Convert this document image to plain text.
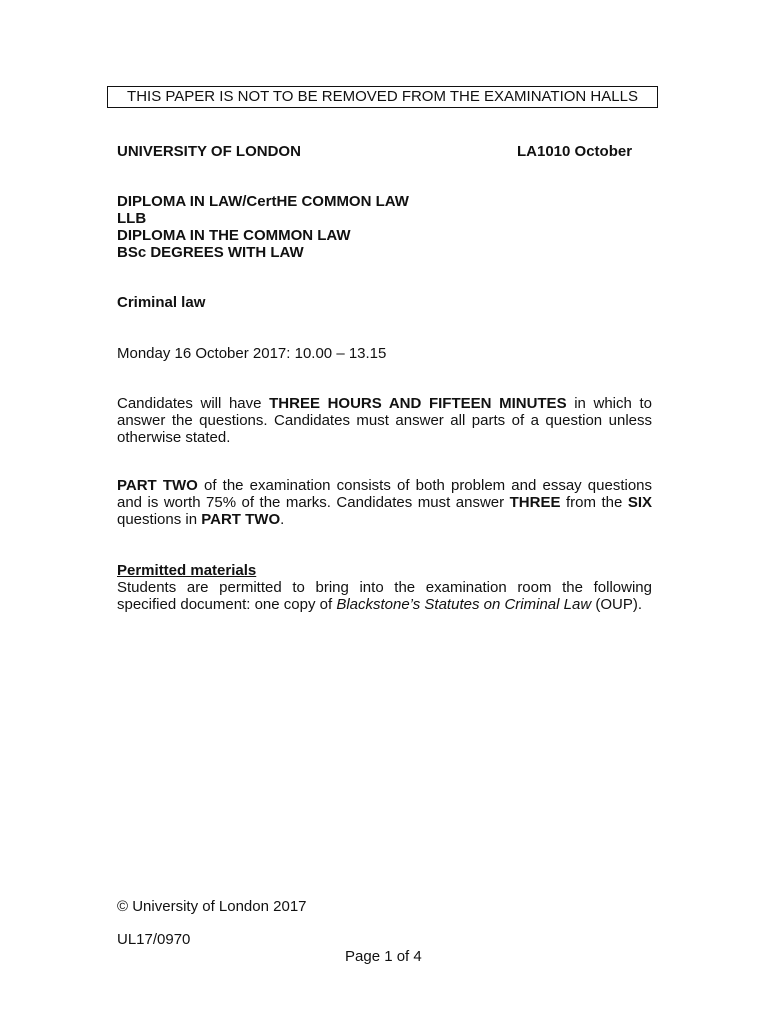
THIS PAPER IS NOT TO BE REMOVED FROM THE EXAMINATION HALLS
UNIVERSITY OF LONDON	LA1010 October
DIPLOMA IN LAW/CertHE COMMON LAW
LLB
DIPLOMA IN THE COMMON LAW
BSc DEGREES WITH LAW
Criminal law
Monday 16 October 2017: 10.00 – 13.15
Candidates will have THREE HOURS AND FIFTEEN MINUTES in which to
answer the questions. Candidates must answer all parts of a question unless
otherwise stated.
PART TWO of the examination consists of both problem and essay questions
and is worth 75% of the marks. Candidates must answer THREE from the SIX
questions in PART TWO.
Permitted materials
Students are permitted to bring into the examination room the following
specified document: one copy of Blackstone’s Statutes on Criminal Law (OUP).
© University of London 2017
UL17/0970
Page 1 of 4
